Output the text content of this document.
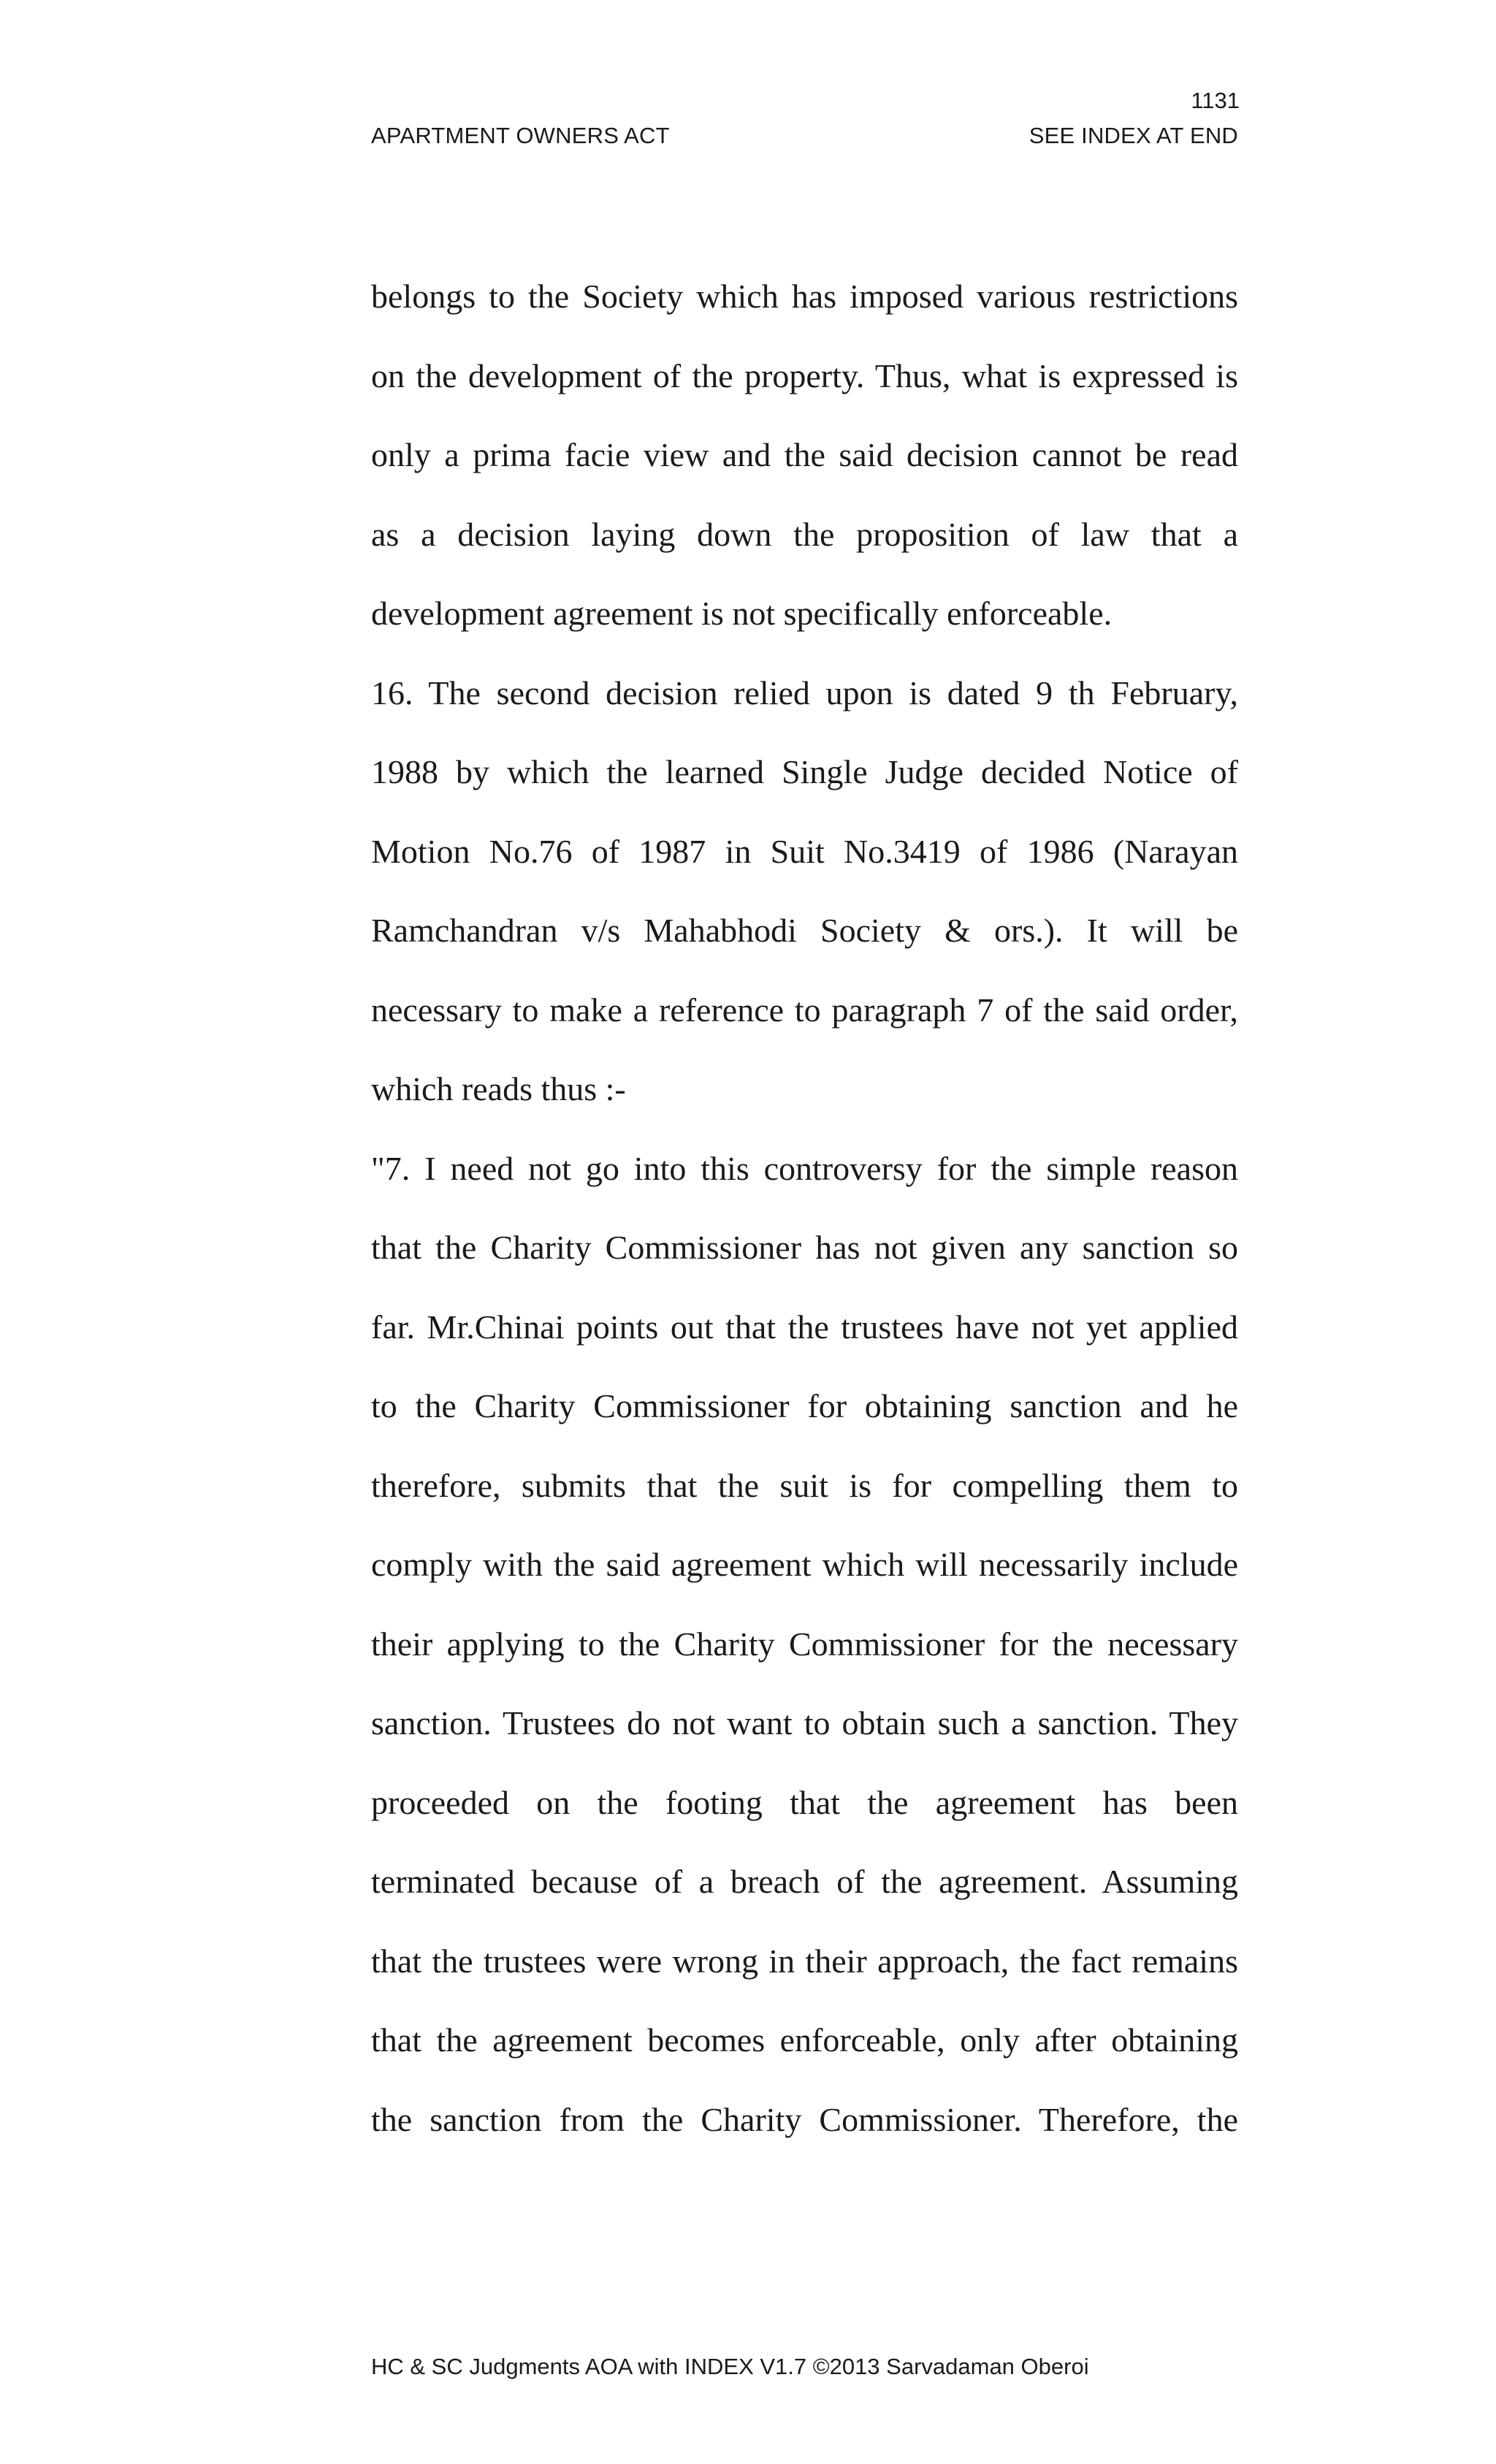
1131
APARTMENT OWNERS ACT	SEE INDEX AT END
belongs to the Society which has imposed various restrictions
on the development of the property. Thus, what is expressed is
only a prima facie view and the said decision cannot be read
as a decision laying down the proposition of law that a
development agreement is not specifically enforceable.
16. The second decision relied upon is dated 9 th February,
1988 by which the learned Single Judge decided Notice of
Motion No.76 of 1987 in Suit No.3419 of 1986 (Narayan
Ramchandran v/s Mahabhodi Society & ors.). It will be
necessary to make a reference to paragraph 7 of the said order,
which reads thus :-
"7. I need not go into this controversy for the simple reason
that the Charity Commissioner has not given any sanction so
far. Mr.Chinai points out that the trustees have not yet applied
to the Charity Commissioner for obtaining sanction and he
therefore, submits that the suit is for compelling them to
comply with the said agreement which will necessarily include
their applying to the Charity Commissioner for the necessary
sanction. Trustees do not want to obtain such a sanction. They
proceeded on the footing that the agreement has been
terminated because of a breach of the agreement. Assuming
that the trustees were wrong in their approach, the fact remains
that the agreement becomes enforceable, only after obtaining
the sanction from the Charity Commissioner. Therefore, the
HC & SC Judgments AOA with INDEX V1.7 ©2013 Sarvadaman Oberoi
